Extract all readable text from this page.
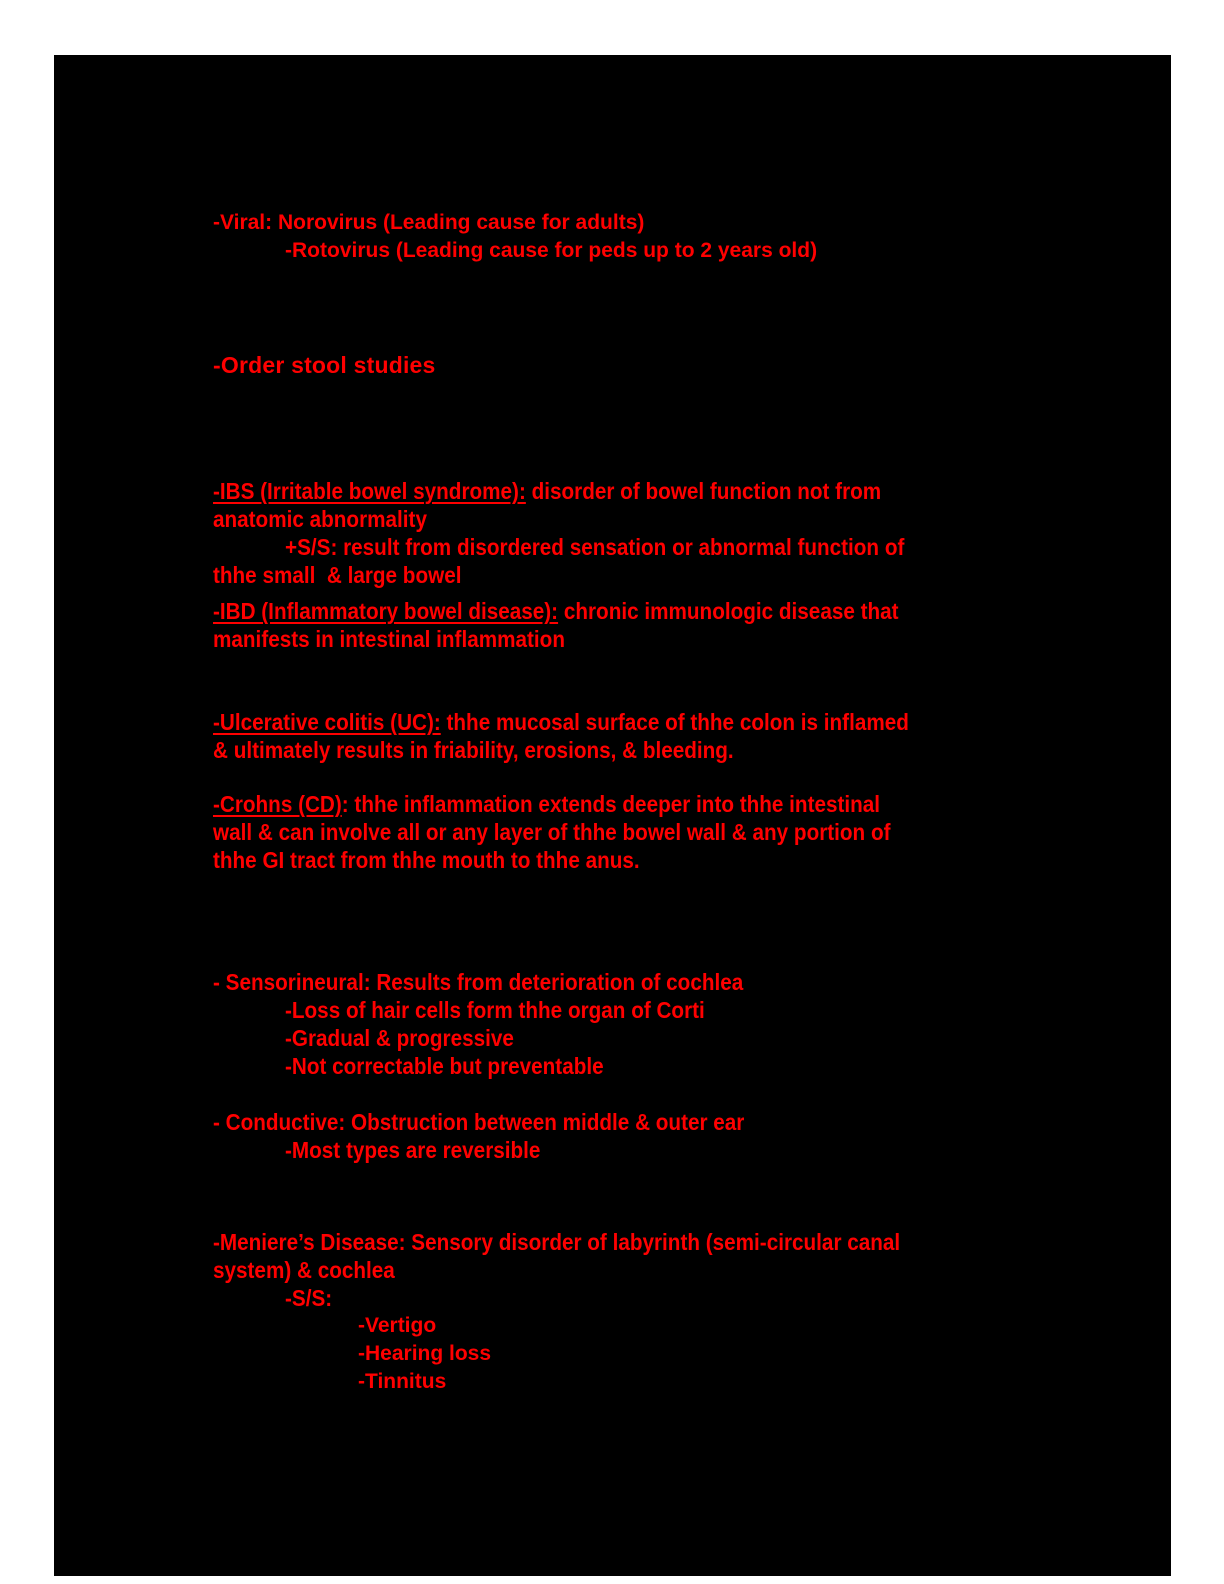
-Viral: Norovirus (Leading cause for adults)
-Rotovirus (Leading cause for peds up to 2 years old)
-Order stool studies
-IBS (Irritable bowel syndrome): disorder of bowel function not from
anatomic abnormality
+S/S: result from disordered sensation or abnormal function of
thhe small  & large bowel
-IBD (Inflammatory bowel disease): chronic immunologic disease that
manifests in intestinal inflammation
-Ulcerative colitis (UC): thhe mucosal surface of thhe colon is inflamed
& ultimately results in friability, erosions, & bleeding.
-Crohns (CD): thhe inflammation extends deeper into thhe intestinal
wall & can involve all or any layer of thhe bowel wall & any portion of
thhe GI tract from thhe mouth to thhe anus.
- Sensorineural: Results from deterioration of cochlea
-Loss of hair cells form thhe organ of Corti
-Gradual & progressive
-Not correctable but preventable
- Conductive: Obstruction between middle & outer ear
-Most types are reversible
-Meniere’s Disease: Sensory disorder of labyrinth (semi-circular canal
system) & cochlea
-S/S:
-Vertigo
-Hearing loss
-Tinnitus
